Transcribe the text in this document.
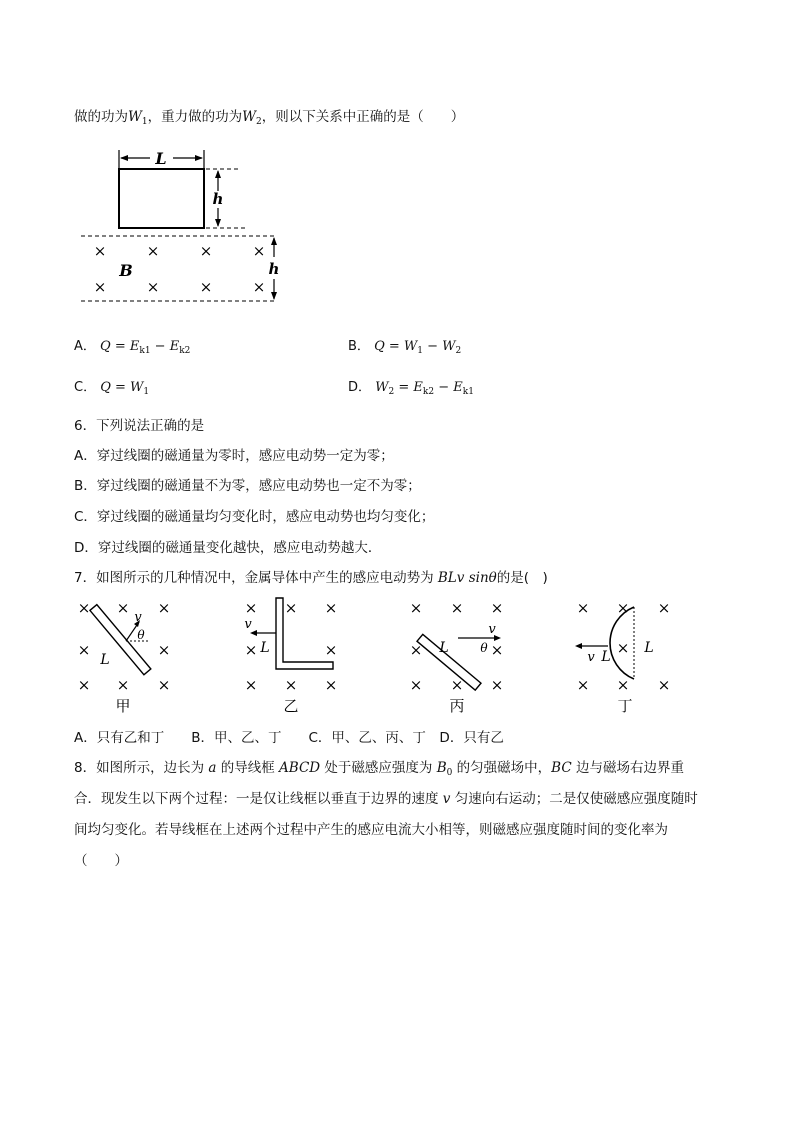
做的功为$W_1$，重力做的功为$W_2$，则以下关系中正确的是（　　）
L
h
×	×	×	×
×	×	×	×
B	h
A． $Q = E_{k1} - E_{k2}$	B． $Q = W_1 - W_2$
C． $Q = W_1$	D． $W_2 = E_{k2} - E_{k1}$
6．下列说法正确的是
A．穿过线圈的磁通量为零时，感应电动势一定为零；
B．穿过线圈的磁通量不为零，感应电动势也一定不为零；
C．穿过线圈的磁通量均匀变化时，感应电动势也均匀变化；
D．穿过线圈的磁通量变化越快，感应电动势越大．
7．如图所示的几种情况中，金属导体中产生的感应电动势为 BLv sinθ的是(　)
× × ×
×	×
× × ×
× × ×
×	×
× × ×
× × ×
×	×
× × ×
× × ×
×
× × ×
v
θ
L
v
L
v
θ
L
v L
L
甲	乙	丙	丁
A．只有乙和丁　　B．甲、乙、丁　　C．甲、乙、丙、丁　D．只有乙
8．如图所示，边长为 a 的导线框 ABCD 处于磁感应强度为 $B_0$ 的匀强磁场中，BC 边与磁场右边界重
合．现发生以下两个过程：一是仅让线框以垂直于边界的速度 v 匀速向右运动；二是仅使磁感应强度随时
间均匀变化。若导线框在上述两个过程中产生的感应电流大小相等，则磁感应强度随时间的变化率为
（　　）
